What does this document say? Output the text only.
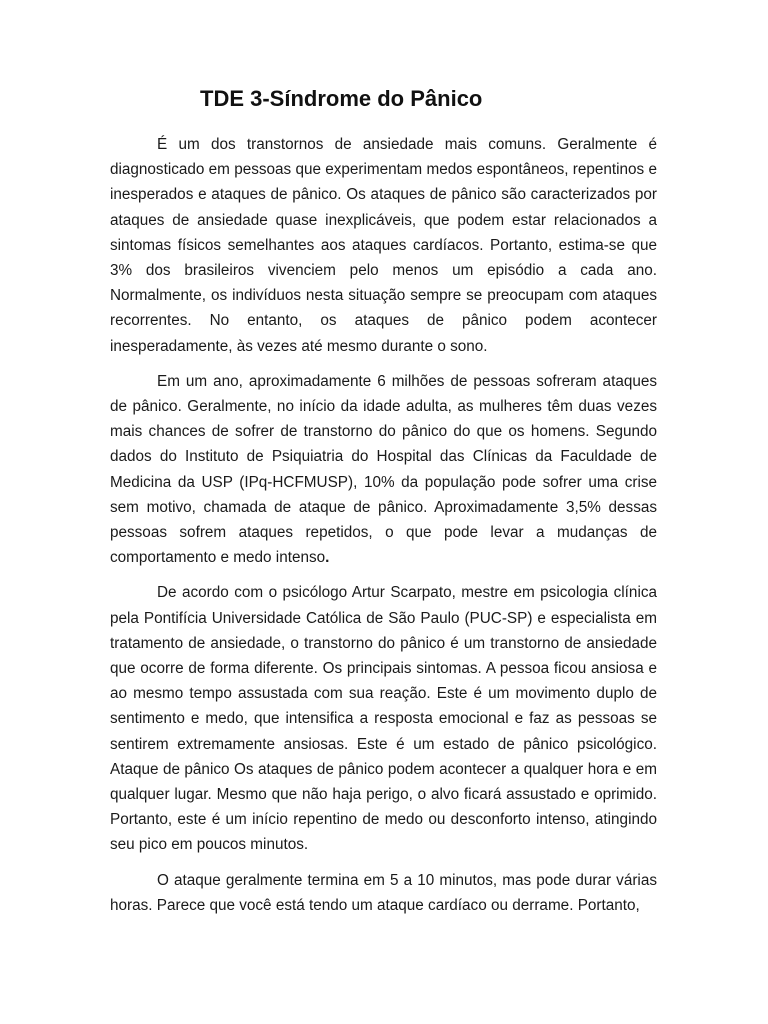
TDE 3-Síndrome do Pânico

É um dos transtornos de ansiedade mais comuns. Geralmente é diagnosticado em pessoas que experimentam medos espontâneos, repentinos e inesperados e ataques de pânico. Os ataques de pânico são caracterizados por ataques de ansiedade quase inexplicáveis, que podem estar relacionados a sintomas físicos semelhantes aos ataques cardíacos. Portanto, estima-se que 3% dos brasileiros vivenciem pelo menos um episódio a cada ano. Normalmente, os indivíduos nesta situação sempre se preocupam com ataques recorrentes. No entanto, os ataques de pânico podem acontecer inesperadamente, às vezes até mesmo durante o sono.

Em um ano, aproximadamente 6 milhões de pessoas sofreram ataques de pânico. Geralmente, no início da idade adulta, as mulheres têm duas vezes mais chances de sofrer de transtorno do pânico do que os homens. Segundo dados do Instituto de Psiquiatria do Hospital das Clínicas da Faculdade de Medicina da USP (IPq-HCFMUSP), 10% da população pode sofrer uma crise sem motivo, chamada de ataque de pânico. Aproximadamente 3,5% dessas pessoas sofrem ataques repetidos, o que pode levar a mudanças de comportamento e medo intenso.

De acordo com o psicólogo Artur Scarpato, mestre em psicologia clínica pela Pontifícia Universidade Católica de São Paulo (PUC-SP) e especialista em tratamento de ansiedade, o transtorno do pânico é um transtorno de ansiedade que ocorre de forma diferente. Os principais sintomas. A pessoa ficou ansiosa e ao mesmo tempo assustada com sua reação. Este é um movimento duplo de sentimento e medo, que intensifica a resposta emocional e faz as pessoas se sentirem extremamente ansiosas. Este é um estado de pânico psicológico. Ataque de pânico Os ataques de pânico podem acontecer a qualquer hora e em qualquer lugar. Mesmo que não haja perigo, o alvo ficará assustado e oprimido. Portanto, este é um início repentino de medo ou desconforto intenso, atingindo seu pico em poucos minutos.

O ataque geralmente termina em 5 a 10 minutos, mas pode durar várias horas. Parece que você está tendo um ataque cardíaco ou derrame. Portanto,
